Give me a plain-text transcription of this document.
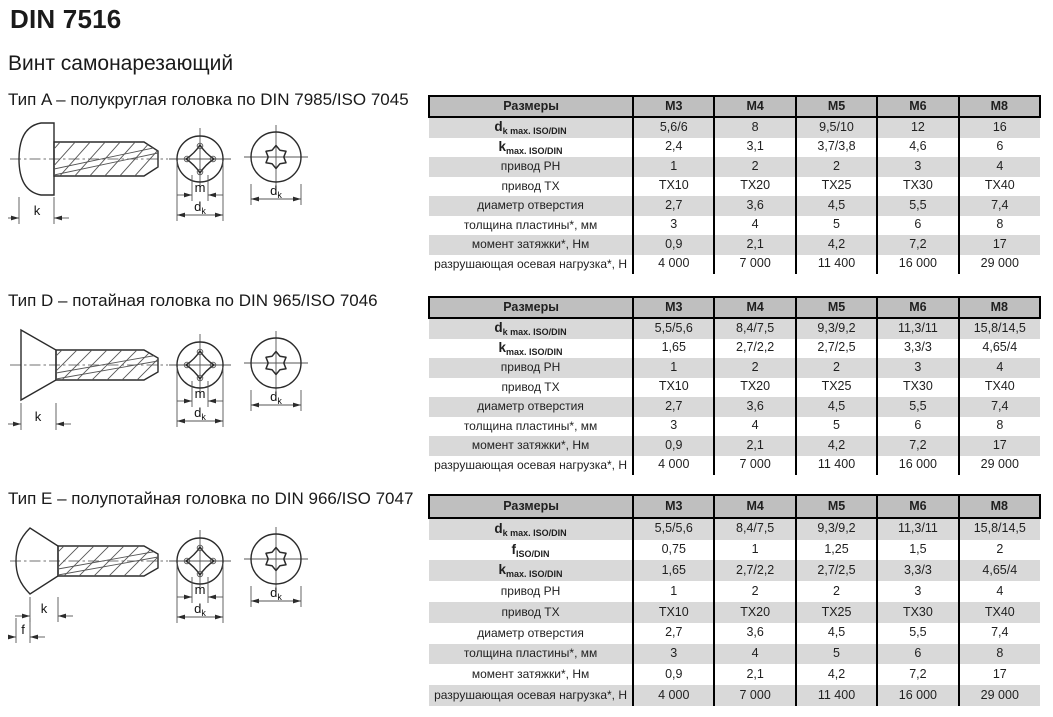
DIN 7516
Винт самонарезающий
Тип A – полукруглая головка по DIN 7985/ISO 7045
k
m
$d_k$
$d_k$
Размеры	M3	M4	M5	M6	M8
$d_{k max. ISO/DIN}$	5,6/6	8	9,5/10	12	16
$k_{max. ISO/DIN}$	2,4	3,1	3,7/3,8	4,6	6
привод PH	1	2	2	3	4
привод TX	TX10	TX20	TX25	TX30	TX40
диаметр отверстия	2,7	3,6	4,5	5,5	7,4
толщина пластины*, мм	3	4	5	6	8
момент затяжки*, Нм	0,9	2,1	4,2	7,2	17
разрушающая осевая нагрузка*, Н	4 000	7 000	11 400	16 000	29 000
Тип D – потайная головка по DIN 965/ISO 7046
k
m
$d_k$
$d_k$
Размеры	M3	M4	M5	M6	M8
$d_{k max. ISO/DIN}$	5,5/5,6	8,4/7,5	9,3/9,2	11,3/11	15,8/14,5
$k_{max. ISO/DIN}$	1,65	2,7/2,2	2,7/2,5	3,3/3	4,65/4
привод PH	1	2	2	3	4
привод TX	TX10	TX20	TX25	TX30	TX40
диаметр отверстия	2,7	3,6	4,5	5,5	7,4
толщина пластины*, мм	3	4	5	6	8
момент затяжки*, Нм	0,9	2,1	4,2	7,2	17
разрушающая осевая нагрузка*, Н	4 000	7 000	11 400	16 000	29 000
Тип E – полупотайная головка по DIN 966/ISO 7047
k
f
m
$d_k$
$d_k$
Размеры	M3	M4	M5	M6	M8
$d_{k max. ISO/DIN}$	5,5/5,6	8,4/7,5	9,3/9,2	11,3/11	15,8/14,5
$f_{ISO/DIN}$	0,75	1	1,25	1,5	2
$k_{max. ISO/DIN}$	1,65	2,7/2,2	2,7/2,5	3,3/3	4,65/4
привод PH	1	2	2	3	4
привод TX	TX10	TX20	TX25	TX30	TX40
диаметр отверстия	2,7	3,6	4,5	5,5	7,4
толщина пластины*, мм	3	4	5	6	8
момент затяжки*, Нм	0,9	2,1	4,2	7,2	17
разрушающая осевая нагрузка*, Н	4 000	7 000	11 400	16 000	29 000
